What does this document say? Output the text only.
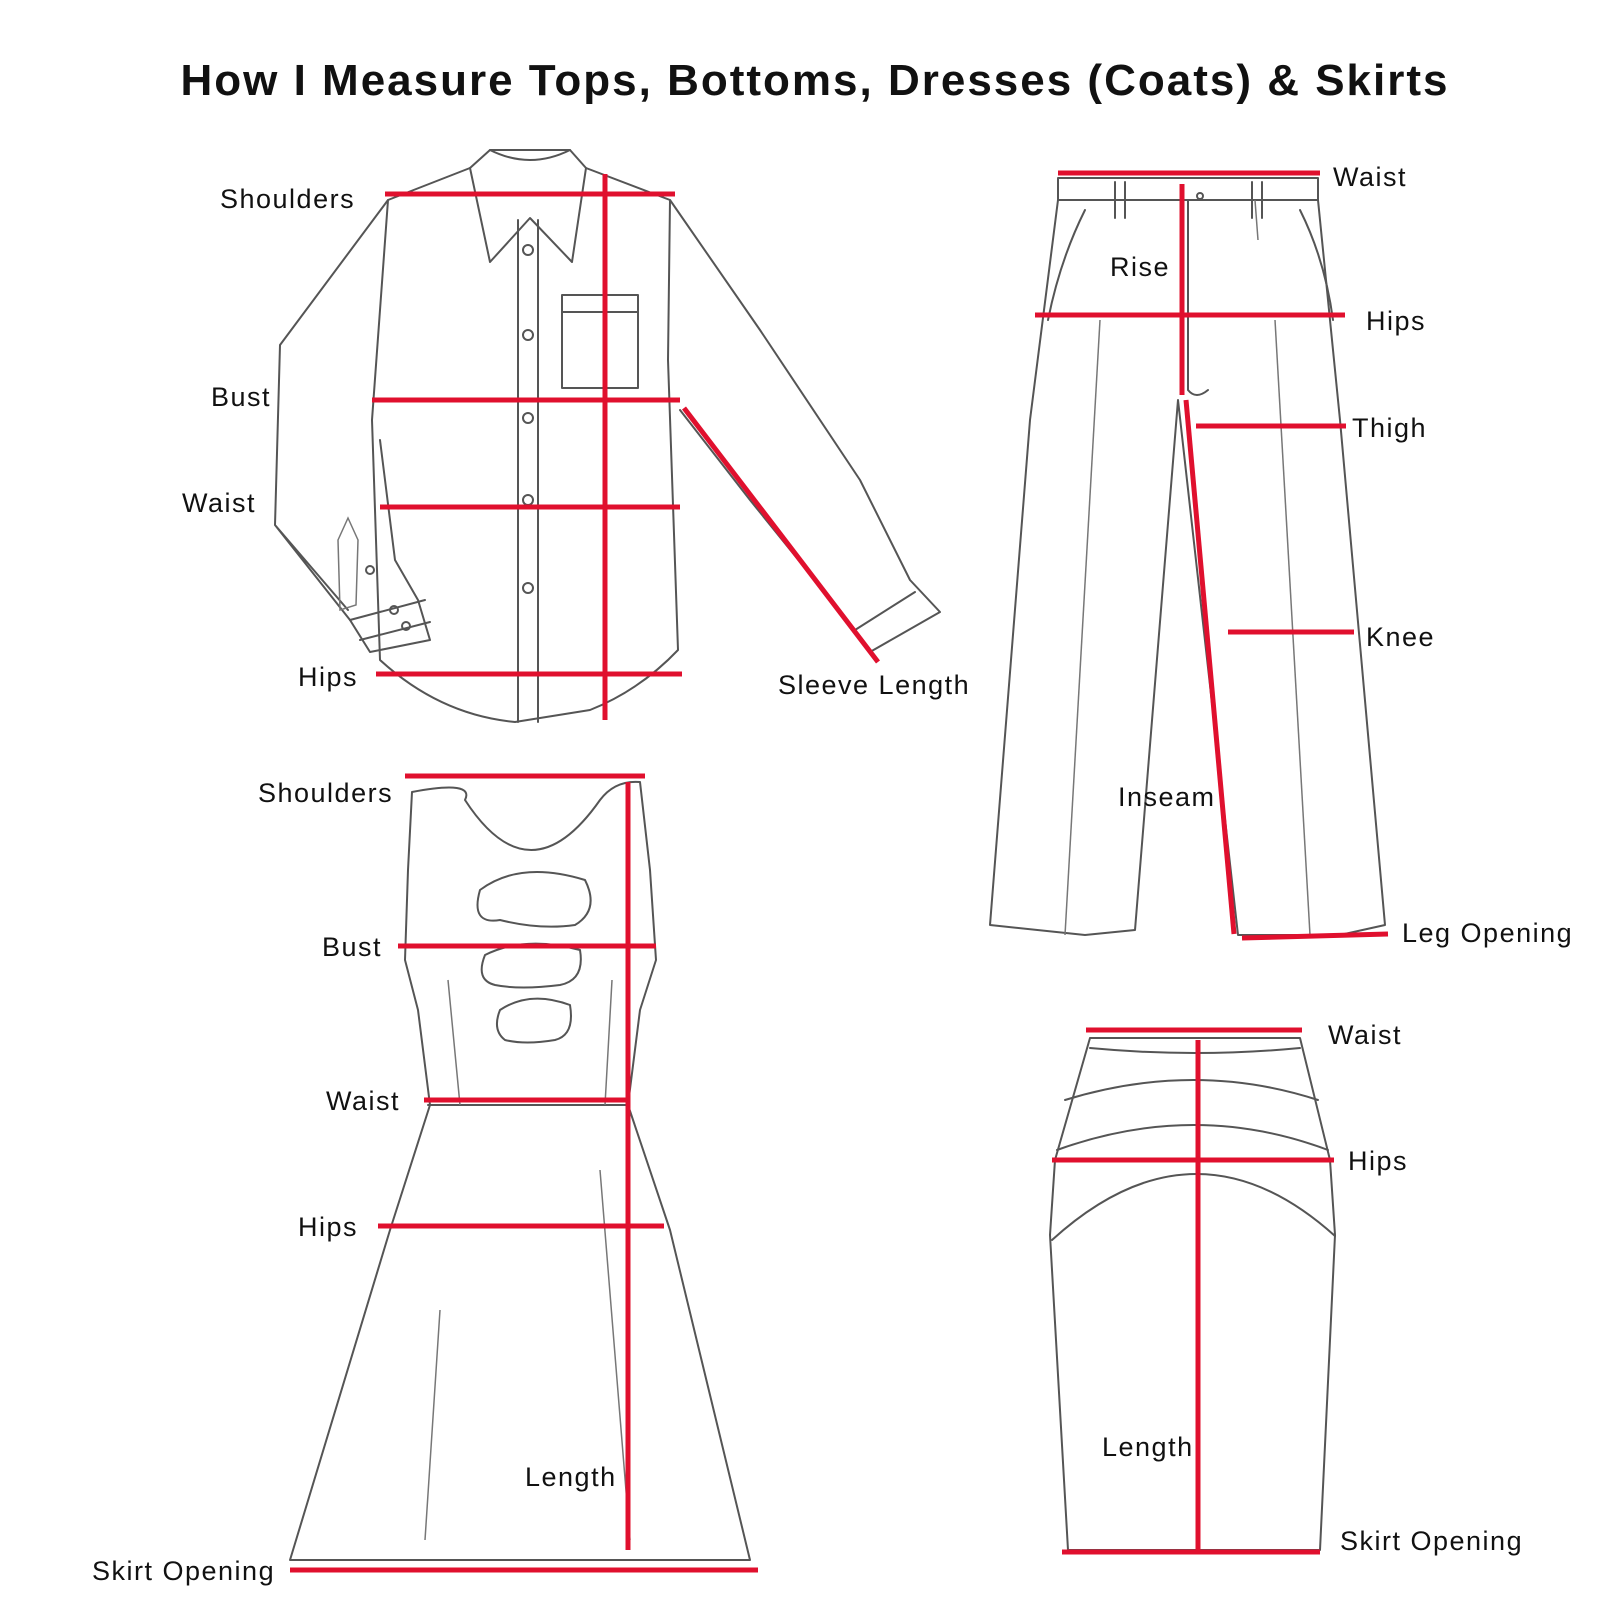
How I Measure Tops, Bottoms, Dresses (Coats) & Skirts
Shoulders
Bust
Waist
Hips	Sleeve Length
Waist
Rise
Hips
Thigh
Knee
Inseam
Leg Opening
Shoulders
Bust
Waist
Hips
Length
Skirt Opening
Waist
Hips
Length
Skirt Opening
